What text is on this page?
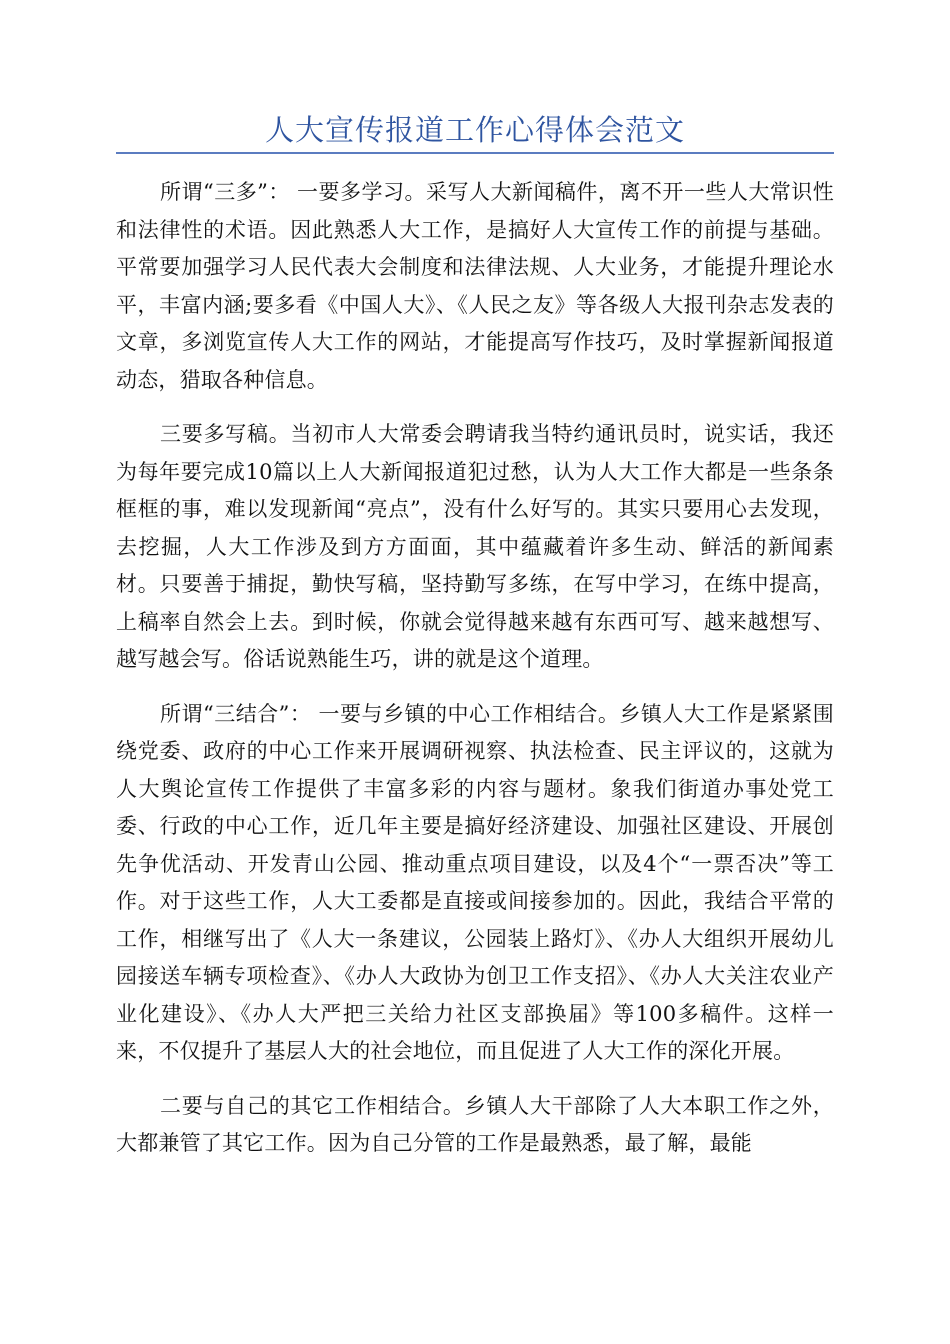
人大宣传报道工作心得体会范文

所谓“三多”： 一要多学习。采写人大新闻稿件，离不开一些人大常识性和法律性的术语。因此熟悉人大工作，是搞好人大宣传工作的前提与基础。平常要加强学习人民代表大会制度和法律法规、人大业务，才能提升理论水平，丰富内涵;要多看《中国人大》、《人民之友》等各级人大报刊杂志发表的文章，多浏览宣传人大工作的网站，才能提高写作技巧，及时掌握新闻报道动态，猎取各种信息。

三要多写稿。当初市人大常委会聘请我当特约通讯员时，说实话，我还为每年要完成10篇以上人大新闻报道犯过愁，认为人大工作大都是一些条条框框的事，难以发现新闻“亮点”，没有什么好写的。其实只要用心去发现，去挖掘，人大工作涉及到方方面面，其中蕴藏着许多生动、鲜活的新闻素材。只要善于捕捉，勤快写稿，坚持勤写多练，在写中学习，在练中提高，上稿率自然会上去。到时候，你就会觉得越来越有东西可写、越来越想写、越写越会写。俗话说熟能生巧，讲的就是这个道理。

所谓“三结合”： 一要与乡镇的中心工作相结合。乡镇人大工作是紧紧围绕党委、政府的中心工作来开展调研视察、执法检查、民主评议的，这就为人大舆论宣传工作提供了丰富多彩的内容与题材。象我们街道办事处党工委、行政的中心工作，近几年主要是搞好经济建设、加强社区建设、开展创先争优活动、开发青山公园、推动重点项目建设，以及4个“一票否决”等工作。对于这些工作，人大工委都是直接或间接参加的。因此，我结合平常的工作，相继写出了《人大一条建议，公园装上路灯》、《办人大组织开展幼儿园接送车辆专项检查》、《办人大政协为创卫工作支招》、《办人大关注农业产业化建设》、《办人大严把三关给力社区支部换届》等100多稿件。这样一来，不仅提升了基层人大的社会地位，而且促进了人大工作的深化开展。

二要与自己的其它工作相结合。乡镇人大干部除了人大本职工作之外，大都兼管了其它工作。因为自己分管的工作是最熟悉，最了解，最能
